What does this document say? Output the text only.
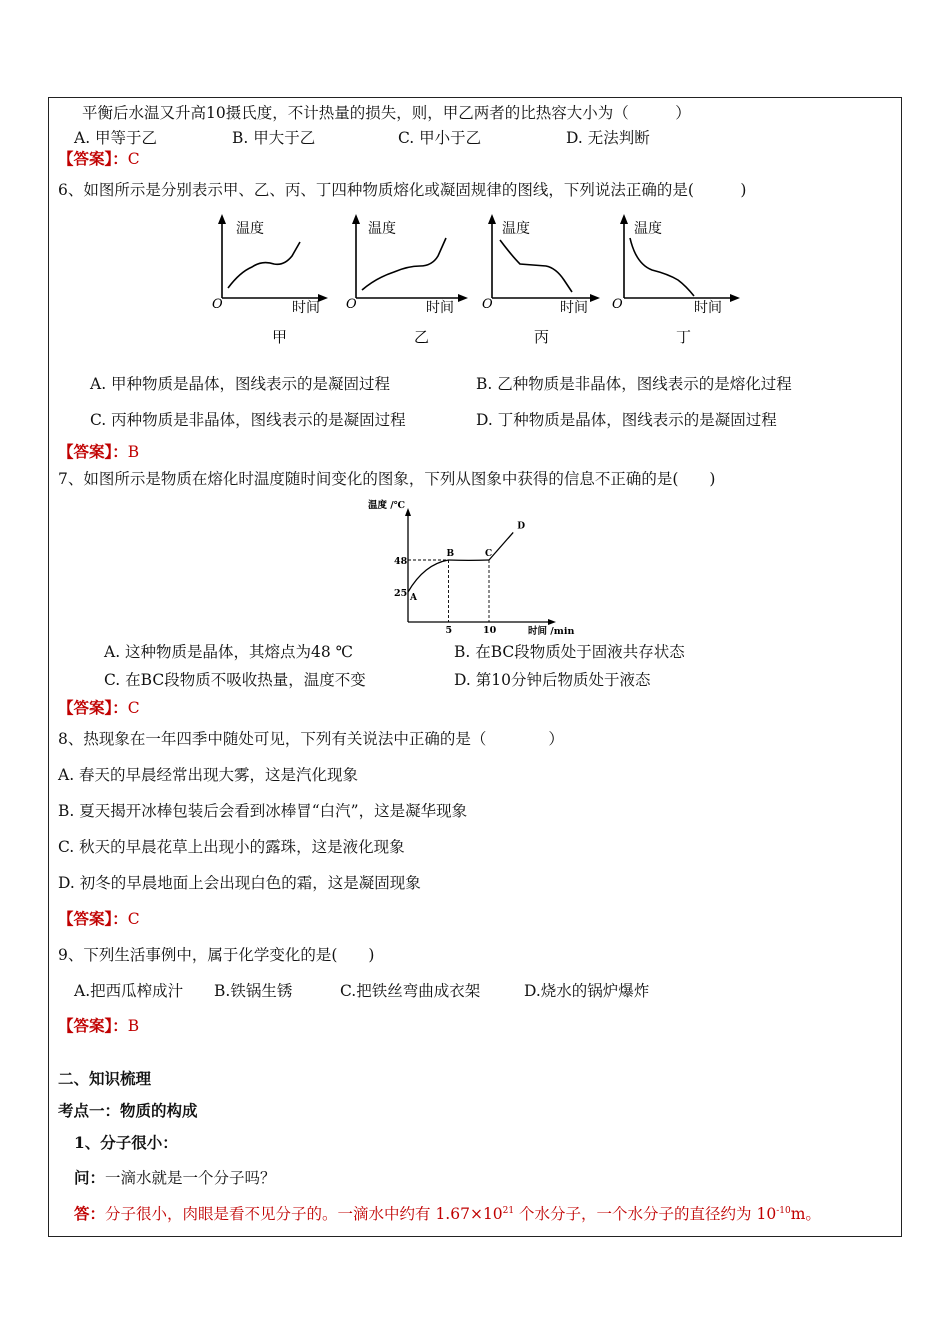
平衡后水温又升高10摄氏度，不计热量的损失，则，甲乙两者的比热容大小为（　　　）
A. 甲等于乙	B. 甲大于乙	C. 甲小于乙	D. 无法判断
【答案】：C
6、如图所示是分别表示甲、乙、丙、丁四种物质熔化或凝固规律的图线，下列说法正确的是(　　　)
温度
O	时间
甲
温度
O	时间
乙
温度
O	时间
丙
温度
O	时间
丁
A. 甲种物质是晶体，图线表示的是凝固过程	B. 乙种物质是非晶体，图线表示的是熔化过程
C. 丙种物质是非晶体，图线表示的是凝固过程	D. 丁种物质是晶体，图线表示的是凝固过程
【答案】：B
7、如图所示是物质在熔化时温度随时间变化的图象，下列从图象中获得的信息不正确的是(　　)
温度 /℃
时间 /min
48
25
5	10
A
B	C
D
A. 这种物质是晶体，其熔点为48 ℃	B. 在BC段物质处于固液共存状态
C. 在BC段物质不吸收热量，温度不变	D. 第10分钟后物质处于液态
【答案】：C
8、热现象在一年四季中随处可见，下列有关说法中正确的是（　　　　）
A. 春天的早晨经常出现大雾，这是汽化现象
B. 夏天揭开冰棒包装后会看到冰棒冒“白汽”，这是凝华现象
C. 秋天的早晨花草上出现小的露珠，这是液化现象
D. 初冬的早晨地面上会出现白色的霜，这是凝固现象
【答案】：C
9、下列生活事例中，属于化学变化的是(　　)
A.把西瓜榨成汁 B.铁锅生锈	C.把铁丝弯曲成衣架	D.烧水的锅炉爆炸
【答案】：B
二、知识梳理
考点一：物质的构成
1、分子很小：
问：一滴水就是一个分子吗？
答：分子很小，肉眼是看不见分子的。一滴水中约有 $1.67\times 10^{21}$ 个水分子，一个水分子的直径约为 $10^{-10}m$。
